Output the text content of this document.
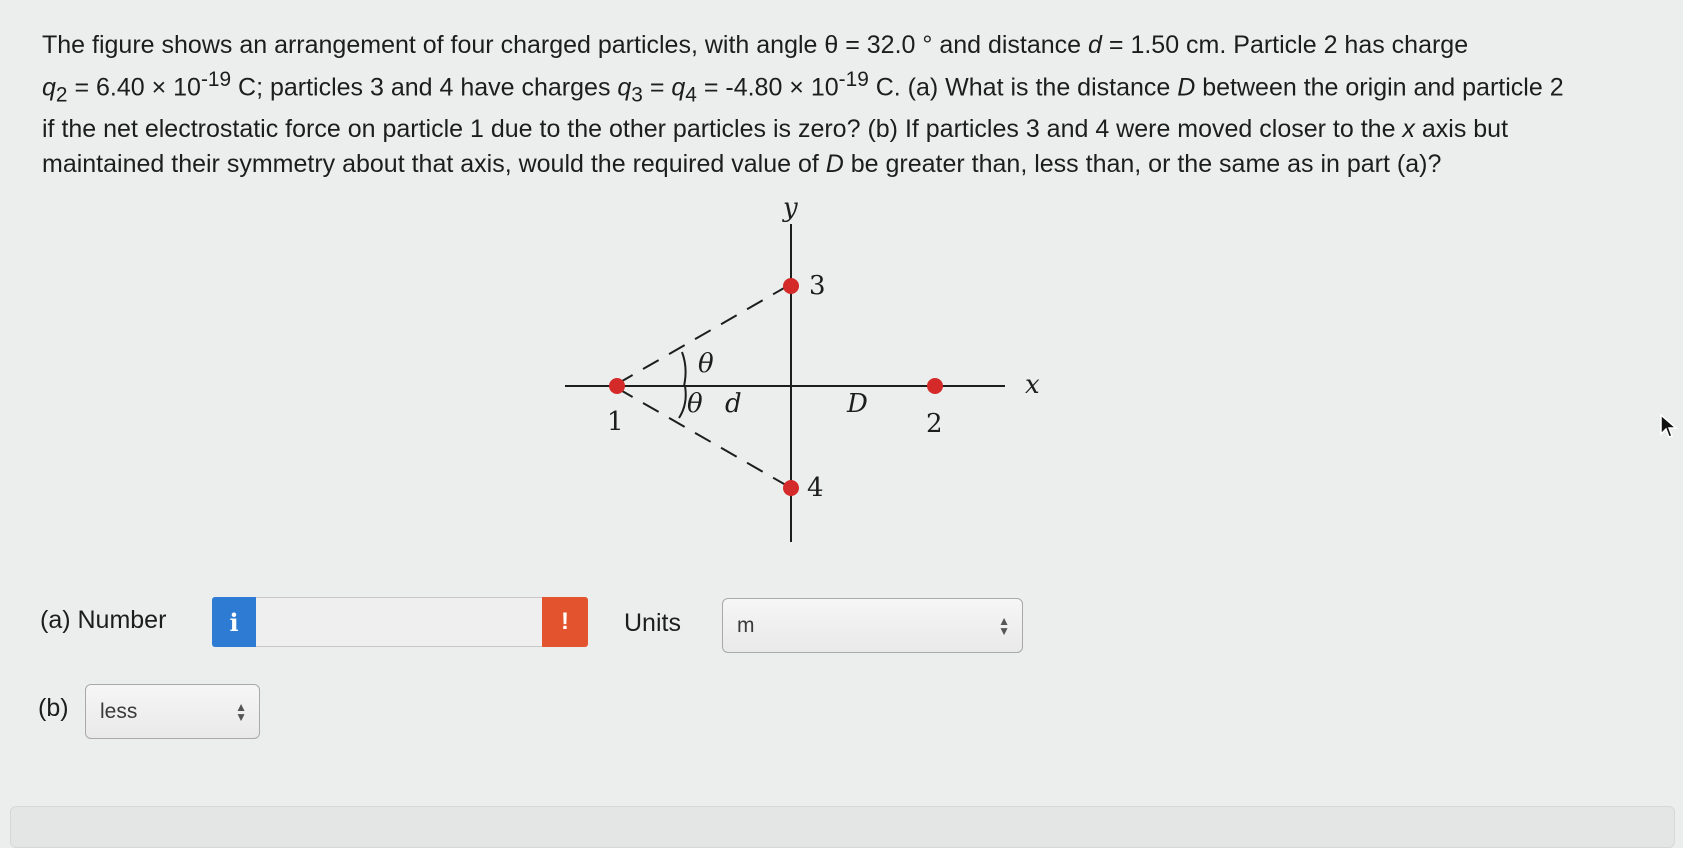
The figure shows an arrangement of four charged particles, with angle θ = 32.0 ° and distance d = 1.50 cm. Particle 2 has charge
$q_2 = 6.40 \times 10^{-19}$ C; particles 3 and 4 have charges $q_3 = q_4 = -4.80 \times 10^{-19}$ C. (a) What is the distance D between the origin and particle 2
if the net electrostatic force on particle 1 due to the other particles is zero? (b) If particles 3 and 4 were moved closer to the x axis but
maintained their symmetry about that axis, would the required value of D be greater than, less than, or the same as in part (a)?

y
x
1	2
3
4
θ
θ d	D
(a) Number	i	! Units	m	▲
▼
(b) less	▲
▼
